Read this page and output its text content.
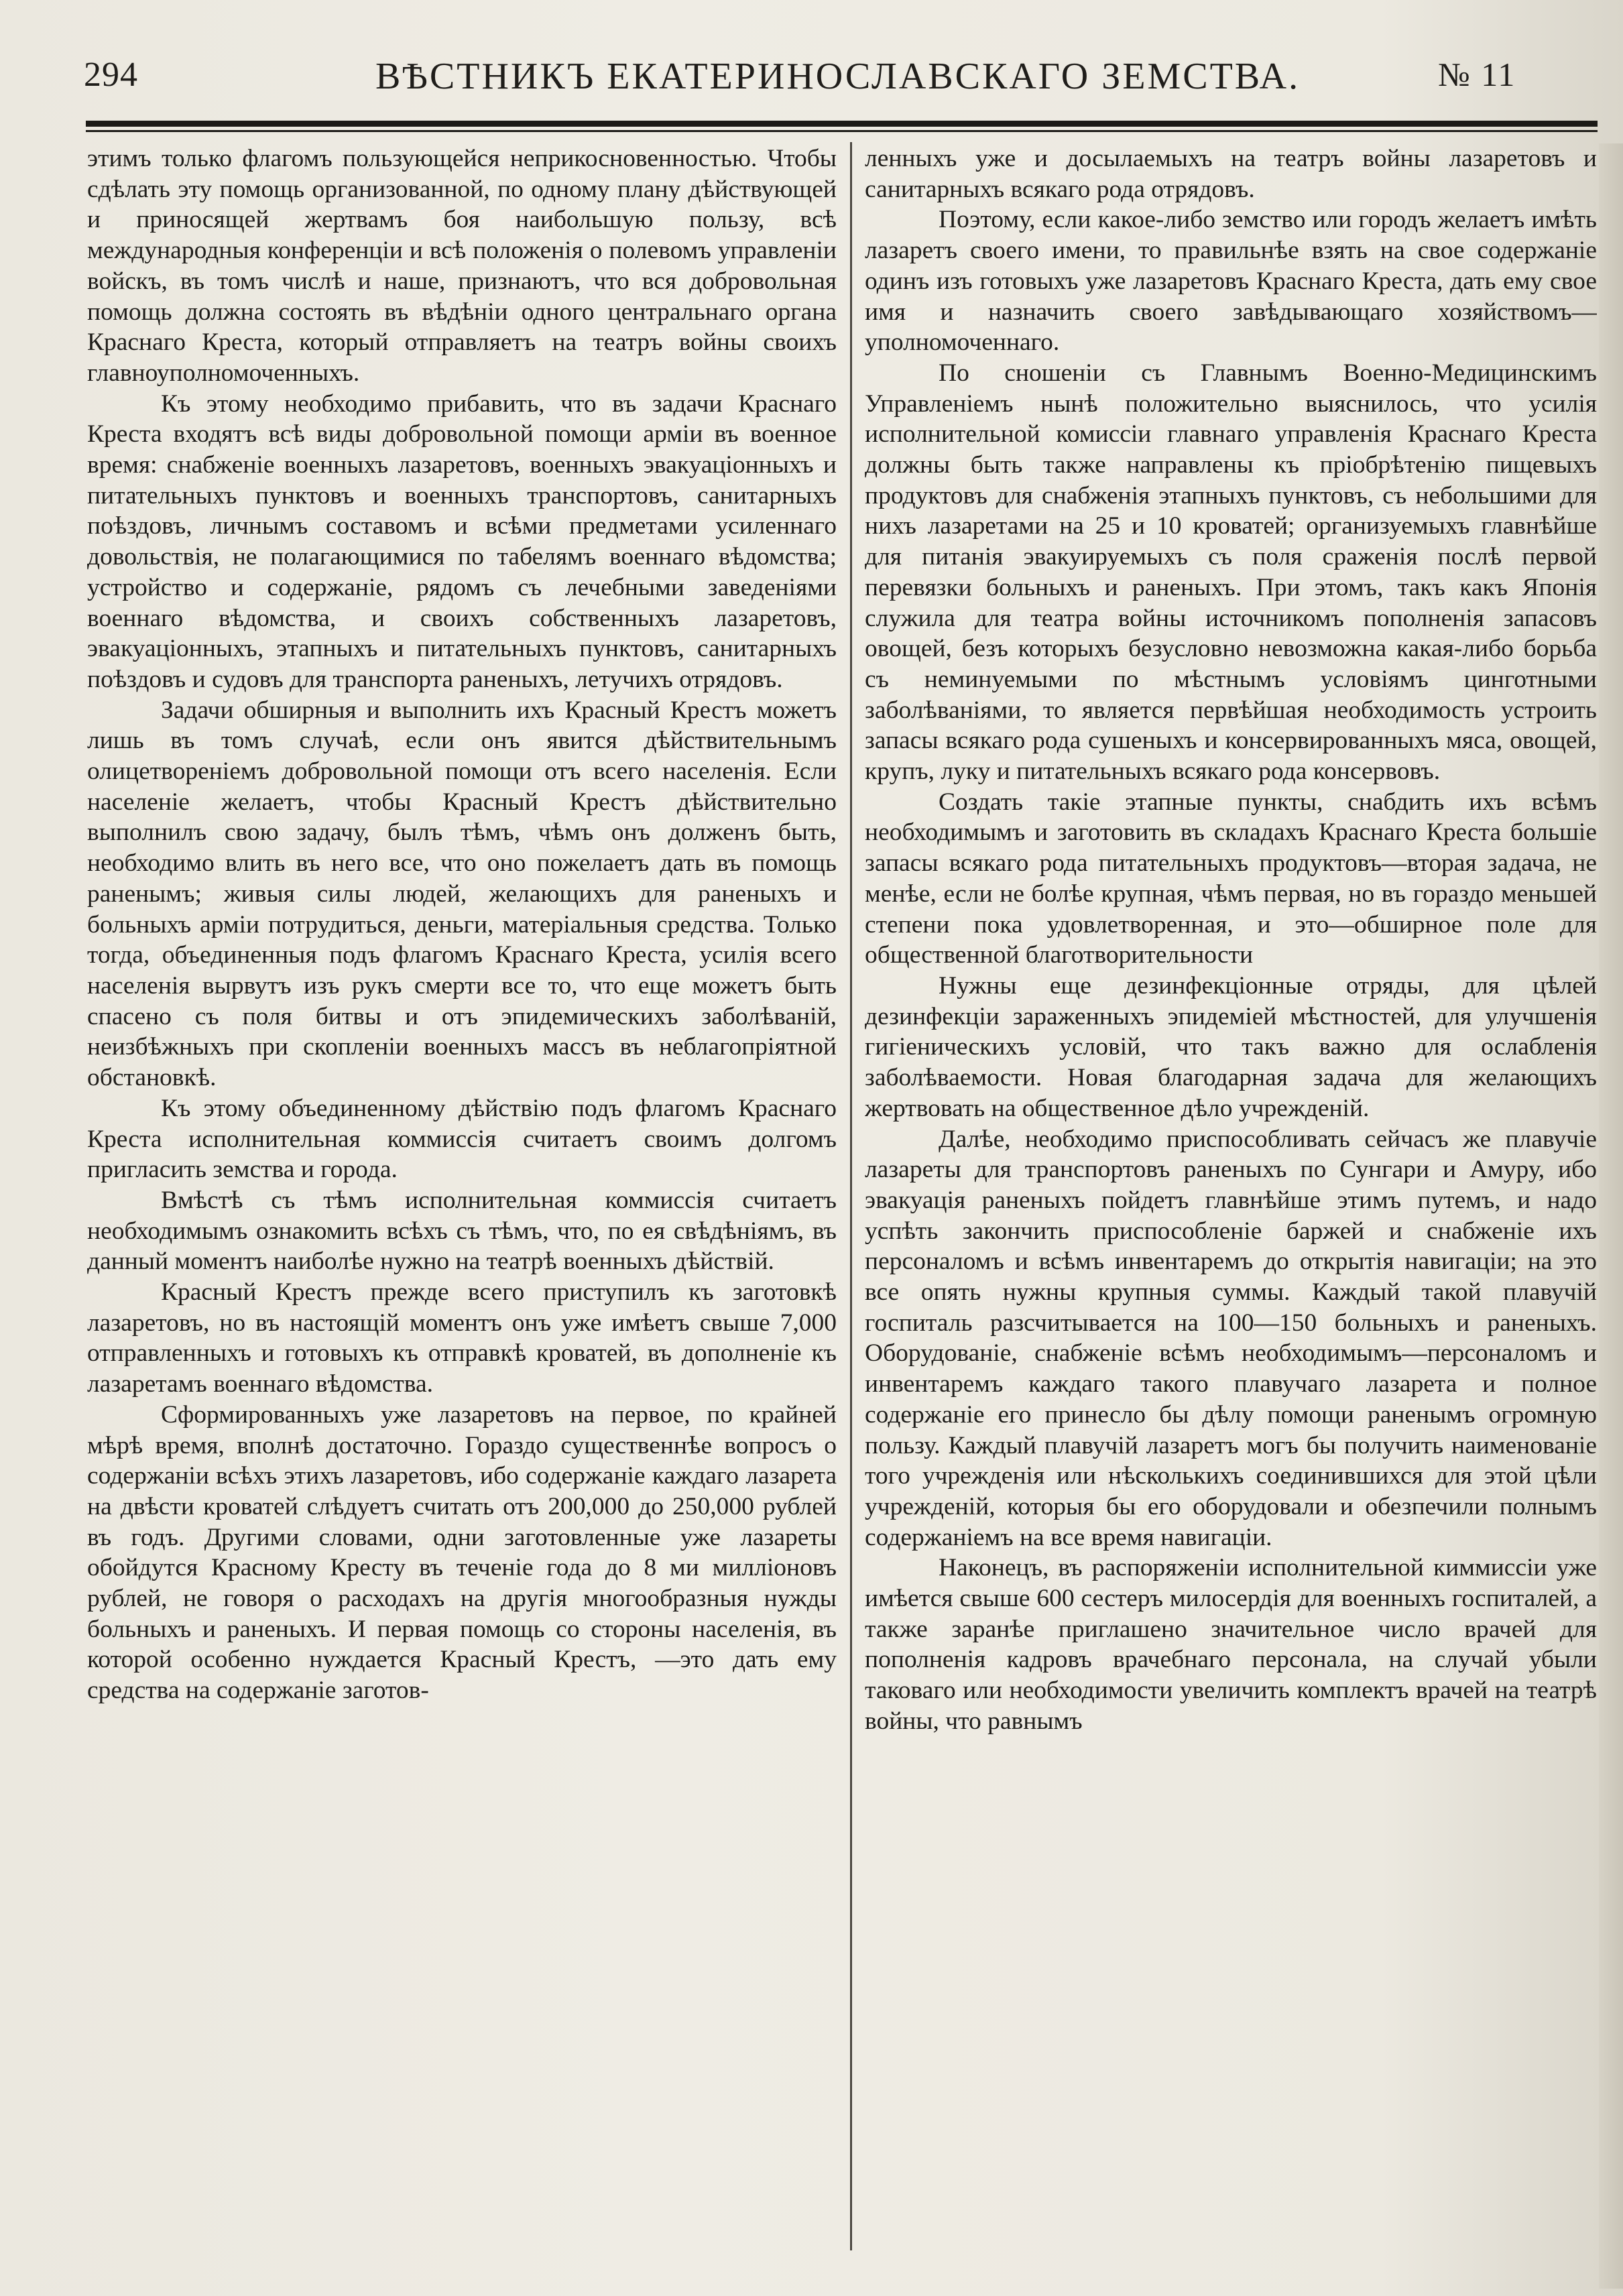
294	ВѢСТНИКЪ ЕКАТЕРИНОСЛАВСКАГО ЗЕМСТВА.	№ 11

этимъ только флагомъ пользующейся неприкосновенностью. Чтобы сдѣлать эту помощь организованной, по одному плану дѣйствующей и приносящей жертвамъ боя наибольшую пользу, всѣ международныя конференціи и всѣ положенія о полевомъ управленіи войскъ, въ томъ числѣ и наше, признаютъ, что вся добровольная помощь должна состоять въ вѣдѣніи одного центральнаго органа Краснаго Креста, который отправляетъ на театръ войны своихъ главноуполномоченныхъ.

Къ этому необходимо прибавить, что въ задачи Краснаго Креста входятъ всѣ виды добровольной помощи арміи въ военное время: снабженіе военныхъ лазаретовъ, военныхъ эвакуаціонныхъ и питательныхъ пунктовъ и военныхъ транспортовъ, санитарныхъ поѣздовъ, личнымъ составомъ и всѣми предметами усиленнаго довольствія, не полагающимися по табелямъ военнаго вѣдомства; устройство и содержаніе, рядомъ съ лечебными заведеніями военнаго вѣдомства, и своихъ собственныхъ лазаретовъ, эвакуаціонныхъ, этапныхъ и питательныхъ пунктовъ, санитарныхъ поѣздовъ и судовъ для транспорта раненыхъ, летучихъ отрядовъ.

Задачи обширныя и выполнить ихъ Красный Крестъ можетъ лишь въ томъ случаѣ, если онъ явится дѣйствительнымъ олицетвореніемъ добровольной помощи отъ всего населенія. Если населеніе желаетъ, чтобы Красный Крестъ дѣйствительно выполнилъ свою задачу, былъ тѣмъ, чѣмъ онъ долженъ быть, необходимо влить въ него все, что оно пожелаетъ дать въ помощь раненымъ; живыя силы людей, желающихъ для раненыхъ и больныхъ арміи потрудиться, деньги, матеріальныя средства. Только тогда, объединенныя подъ флагомъ Краснаго Креста, усилія всего населенія вырвутъ изъ рукъ смерти все то, что еще можетъ быть спасено съ поля битвы и отъ эпидемическихъ заболѣваній, неизбѣжныхъ при скопленіи военныхъ массъ въ неблагопріятной обстановкѣ.

Къ этому объединенному дѣйствію подъ флагомъ Краснаго Креста исполнительная коммиссія считаетъ своимъ долгомъ пригласить земства и города.

Вмѣстѣ съ тѣмъ исполнительная коммиссія считаетъ необходимымъ ознакомить всѣхъ съ тѣмъ, что, по ея свѣдѣніямъ, въ данный моментъ наиболѣе нужно на театрѣ военныхъ дѣйствій.

Красный Крестъ прежде всего приступилъ къ заготовкѣ лазаретовъ, но въ настоящій моментъ онъ уже имѣетъ свыше 7,000 отправленныхъ и готовыхъ къ отправкѣ кроватей, въ дополненіе къ лазаретамъ военнаго вѣдомства.

Сформированныхъ уже лазаретовъ на первое, по крайней мѣрѣ время, вполнѣ достаточно. Гораздо существеннѣе вопросъ о содержаніи всѣхъ этихъ лазаретовъ, ибо содержаніе каждаго лазарета на двѣсти кроватей слѣдуетъ считать отъ 200,000 до 250,000 рублей въ годъ. Другими словами, одни заготовленные уже лазареты обойдутся Красному Кресту въ теченіе года до 8 ми милліоновъ рублей, не говоря о расходахъ на другія многообразныя нужды больныхъ и раненыхъ. И первая помощь со стороны населенія, въ которой особенно нуждается Красный Крестъ, —это дать ему средства на содержаніе заготов-

ленныхъ уже и досылаемыхъ на театръ войны лазаретовъ и санитарныхъ всякаго рода отрядовъ.

Поэтому, если какое-либо земство или городъ желаетъ имѣть лазаретъ своего имени, то правильнѣе взять на свое содержаніе одинъ изъ готовыхъ уже лазаретовъ Краснаго Креста, дать ему свое имя и назначить своего завѣдывающаго хозяйствомъ—уполномоченнаго.

По сношеніи съ Главнымъ Военно-Медицинскимъ Управленіемъ нынѣ положительно выяснилось, что усилія исполнительной комиссіи главнаго управленія Краснаго Креста должны быть также направлены къ пріобрѣтенію пищевыхъ продуктовъ для снабженія этапныхъ пунктовъ, съ небольшими для нихъ лазаретами на 25 и 10 кроватей; организуемыхъ главнѣйше для питанія эвакуируемыхъ съ поля сраженія послѣ первой перевязки больныхъ и раненыхъ. При этомъ, такъ какъ Японія служила для театра войны источникомъ пополненія запасовъ овощей, безъ которыхъ безусловно невозможна какая-либо борьба съ неминуемыми по мѣстнымъ условіямъ цинготными заболѣваніями, то является первѣйшая необходимость устроить запасы всякаго рода сушеныхъ и консервированныхъ мяса, овощей, крупъ, луку и питательныхъ всякаго рода консервовъ.

Создать такіе этапные пункты, снабдить ихъ всѣмъ необходимымъ и заготовить въ складахъ Краснаго Креста большіе запасы всякаго рода питательныхъ продуктовъ—вторая задача, не менѣе, если не болѣе крупная, чѣмъ первая, но въ гораздо меньшей степени пока удовлетворенная, и это—обширное поле для общественной благотворительности

Нужны еще дезинфекціонные отряды, для цѣлей дезинфекціи зараженныхъ эпидеміей мѣстностей, для улучшенія гигіеническихъ условій, что такъ важно для ослабленія заболѣваемости. Новая благодарная задача для желающихъ жертвовать на общественное дѣло учрежденій.

Далѣе, необходимо приспособливать сейчасъ же плавучіе лазареты для транспортовъ раненыхъ по Сунгари и Амуру, ибо эвакуація раненыхъ пойдетъ главнѣйше этимъ путемъ, и надо успѣть закончить приспособленіе баржей и снабженіе ихъ персоналомъ и всѣмъ инвентаремъ до открытія навигаціи; на это все опять нужны крупныя суммы. Каждый такой плавучій госпиталь разсчитывается на 100—150 больныхъ и раненыхъ. Оборудованіе, снабженіе всѣмъ необходимымъ—персоналомъ и инвентаремъ каждаго такого плавучаго лазарета и полное содержаніе его принесло бы дѣлу помощи раненымъ огромную пользу. Каждый плавучій лазаретъ могъ бы получить наименованіе того учрежденія или нѣсколькихъ соединившихся для этой цѣли учрежденій, которыя бы его оборудовали и обезпечили полнымъ содержаніемъ на все время навигаціи.

Наконецъ, въ распоряженіи исполнительной киммиссіи уже имѣется свыше 600 сестеръ милосердія для военныхъ госпиталей, а также заранѣе приглашено значительное число врачей для пополненія кадровъ врачебнаго персонала, на случай убыли таковаго или необходимости увеличить комплектъ врачей на театрѣ войны, что равнымъ
